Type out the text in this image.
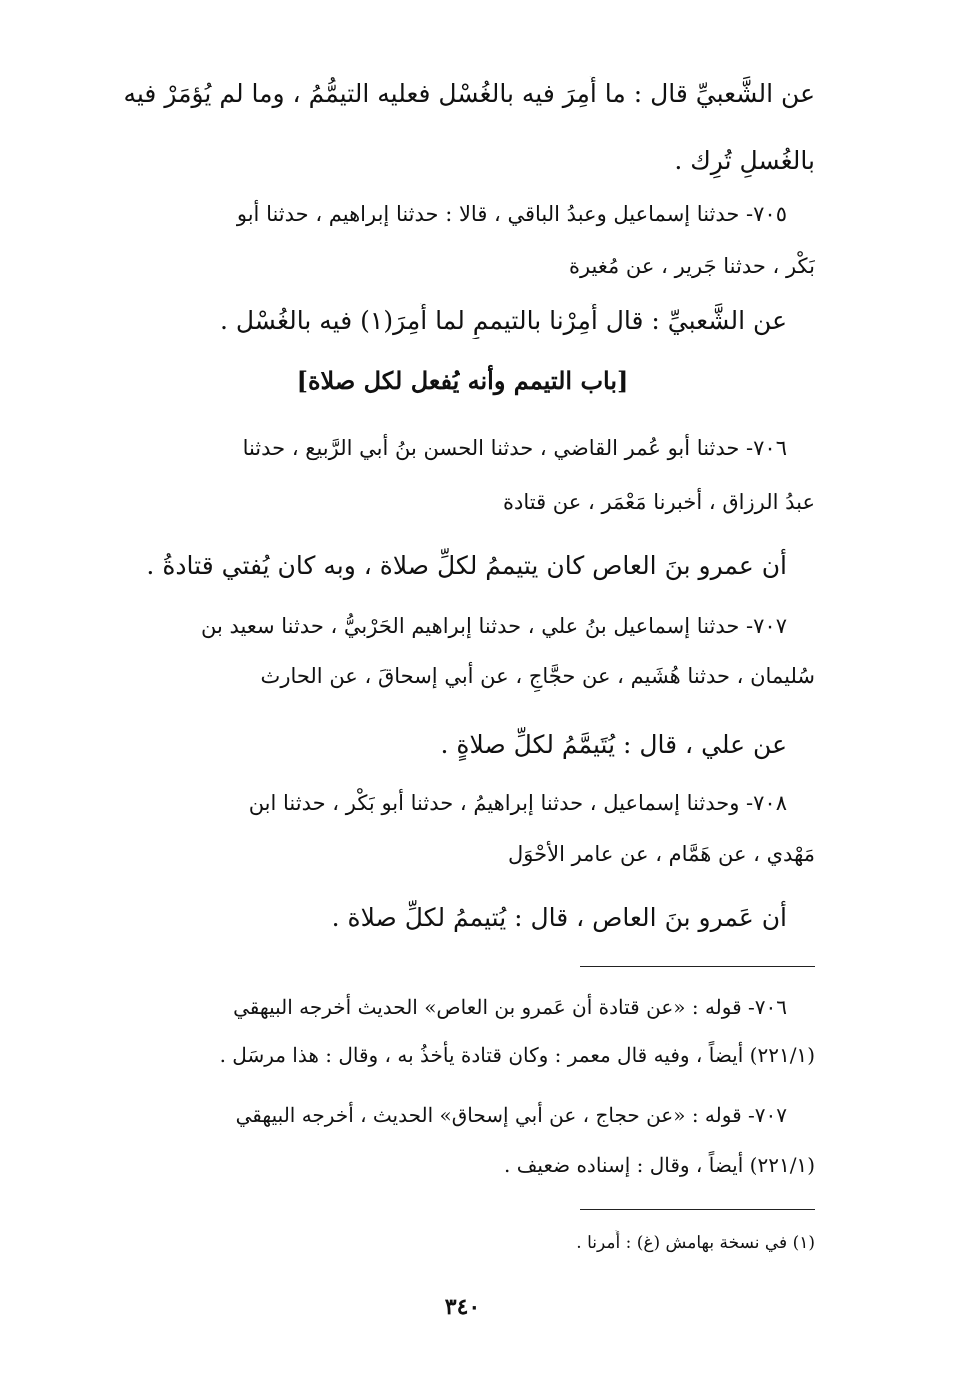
عن الشَّعبيِّ قال : ما أُمِرَ فيه بالغُسْل فعليه التيمُّمُ ، وما لم يُؤمَرْ فيه
بالغُسلِ تُرِك .
٧٠٥- حدثنا إسماعيل وعبدُ الباقي ، قالا : حدثنا إبراهيم ، حدثنا أبو
بَكْر ، حدثنا جَرير ، عن مُغيرة
عن الشَّعبيِّ : قال أُمِرْنا بالتيممِ لما أُمِرَ(١) فيه بالغُسْل .
[باب التيمم وأنه يُفعل لكل صلاة]
٧٠٦- حدثنا أبو عُمر القاضي ، حدثنا الحسن بنُ أبي الرَّبيع ، حدثنا
عبدُ الرزاق ، أخبرنا مَعْمَر ، عن قتادة
أن عمرو بنَ العاص كان يتيممُ لكلِّ صلاة ، وبه كان يُفتي قتادةُ .
٧٠٧- حدثنا إسماعيل بنُ علي ، حدثنا إبراهيم الحَرْبيُّ ، حدثنا سعيد بن
سُليمان ، حدثنا هُشَيم ، عن حجَّاجٍ ، عن أبي إسحاقَ ، عن الحارث
عن علي ، قال : يُتَيمَّمُ لكلِّ صلاةٍ .
٧٠٨- وحدثنا إسماعيل ، حدثنا إبراهيمُ ، حدثنا أبو بَكْر ، حدثنا ابن
مَهْدي ، عن هَمَّام ، عن عامر الأحْوَل
أن عَمرو بنَ العاص ، قال : يُتيممُ لكلِّ صلاة .
٧٠٦- قوله : «عن قتادة أن عَمرو بن العاص» الحديث أخرجه البيهقي
(٢٢١/١) أيضاً ، وفيه قال معمر : وكان قتادة يأخذُ به ، وقال : هذا مرسَل .
٧٠٧- قوله : «عن حجاج ، عن أبي إسحاق» الحديث ، أخرجه البيهقي
(٢٢١/١) أيضاً ، وقال : إسناده ضعيف .
(١) في نسخة بهامش (غ) : أُمرنا .
٣٤٠
